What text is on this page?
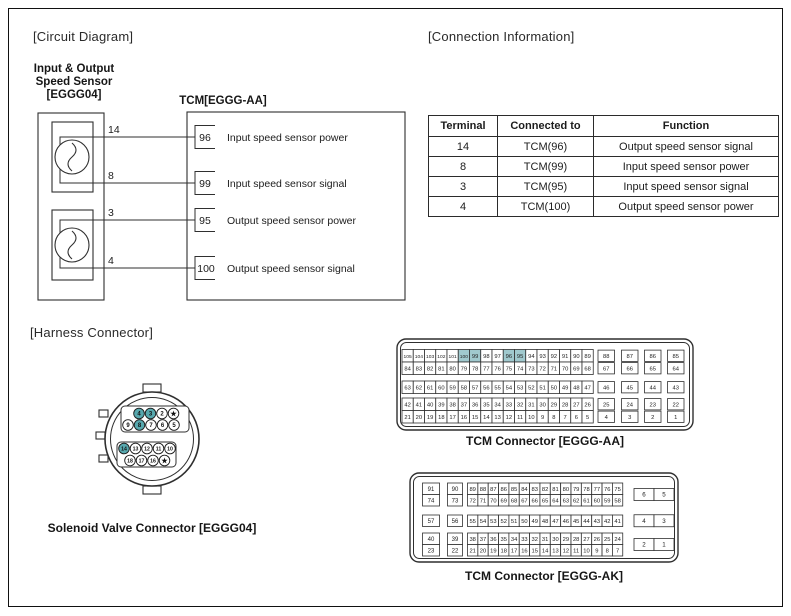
[Circuit Diagram]	[Connection Information]
[Harness Connector]
Input & Output
Speed Sensor
[EGGG04]	TCM[EGGG-AA]
14
8
3
4
96
99
95
100
Input speed sensor power
Input speed sensor signal
Output speed sensor power
Output speed sensor signal
4 3 2 ★
9 8 7 6 5
14 13 12 11 10
18 17 16 ★
105 104 103 102 101 100 99 98 97 96 95 94 93 92 91 90 89 88	87	86	85
84 83 82 81 80 79 78 77 76 75 74 73 72 71 70 69 68 67	66	65	64
63 62 61 60 59 58 57 56 55 54 53 52 51 50 49 48 47 46	45	44	43
42 41 40 39 38 37 36 35 34 33 32 31 30 29 28 27 26 25	24	23	22
21 20 19 18 17 16 15 14 13 12 11 10 9 8 7 6 5	4	3	2	1
91
74
57
40
23
90
73
56
39
22
89 88 87 86 85 84 83 82 81 80 79 78 77 76 75
72 71 70 69 68 67 66 65 64 63 62 61 60 59 58
55 54 53 52 51 50 49 48 47 46 45 44 43 42 41
38 37 36 35 34 33 32 31 30 29 28 27 26 25 24
21 20 19 18 17 16 15 14 13 12 11 10 9 8 7
6	5
4	3
2	1
Terminal	Connected to	Function
14	TCM(96)	Output speed sensor signal
8	TCM(99)	Input speed sensor power
3	TCM(95)	Input speed sensor signal
4	TCM(100)	Output speed sensor power
Solenoid Valve Connector [EGGG04]
TCM Connector [EGGG-AA]
TCM Connector [EGGG-AK]
